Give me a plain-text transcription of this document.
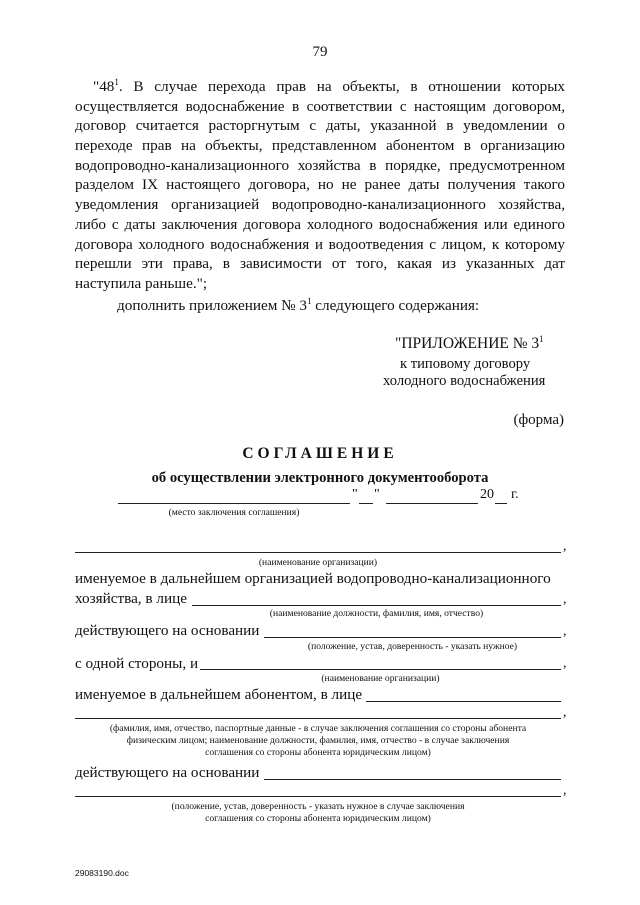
79
"$48^1$. В случае перехода прав на объекты, в отношении которых
осуществляется водоснабжение в соответствии с настоящим договором,
договор считается расторгнутым с даты, указанной в уведомлении о
переходе прав на объекты, представленном абонентом в организацию
водопроводно-канализационного хозяйства в порядке, предусмотренном
разделом IX настоящего договора, но не ранее даты получения такого
уведомления организацией водопроводно-канализационного хозяйства,
либо с даты заключения договора холодного водоснабжения или единого
договора холодного водоснабжения и водоотведения с лицом, к которому
перешли эти права, в зависимости от того, какая из указанных дат
наступила раньше.";
дополнить приложением № $3^1$ следующего содержания:
"ПРИЛОЖЕНИЕ № $3^1$
к типовому договору
холодного водоснабжения
(форма)
СОГЛАШЕНИЕ
об осуществлении электронного документооборота
" "	20 г.
(место заключения соглашения)
,
(наименование организации)
именуемое в дальнейшем организацией водопроводно-канализационного
хозяйства, в лице	,
(наименование должности, фамилия, имя, отчество)
действующего на основании	,
(положение, устав, доверенность - указать нужное)
с одной стороны, и	,
(наименование организации)
именуемое в дальнейшем абонентом, в лице
,
(фамилия, имя, отчество, паспортные данные - в случае заключения соглашения со стороны абонента
физическим лицом; наименование должности, фамилия, имя, отчество - в случае заключения
соглашения со стороны абонента юридическим лицом)
действующего на основании
,
(положение, устав, доверенность - указать нужное в случае заключения
соглашения со стороны абонента юридическим лицом)
29083190.doc
